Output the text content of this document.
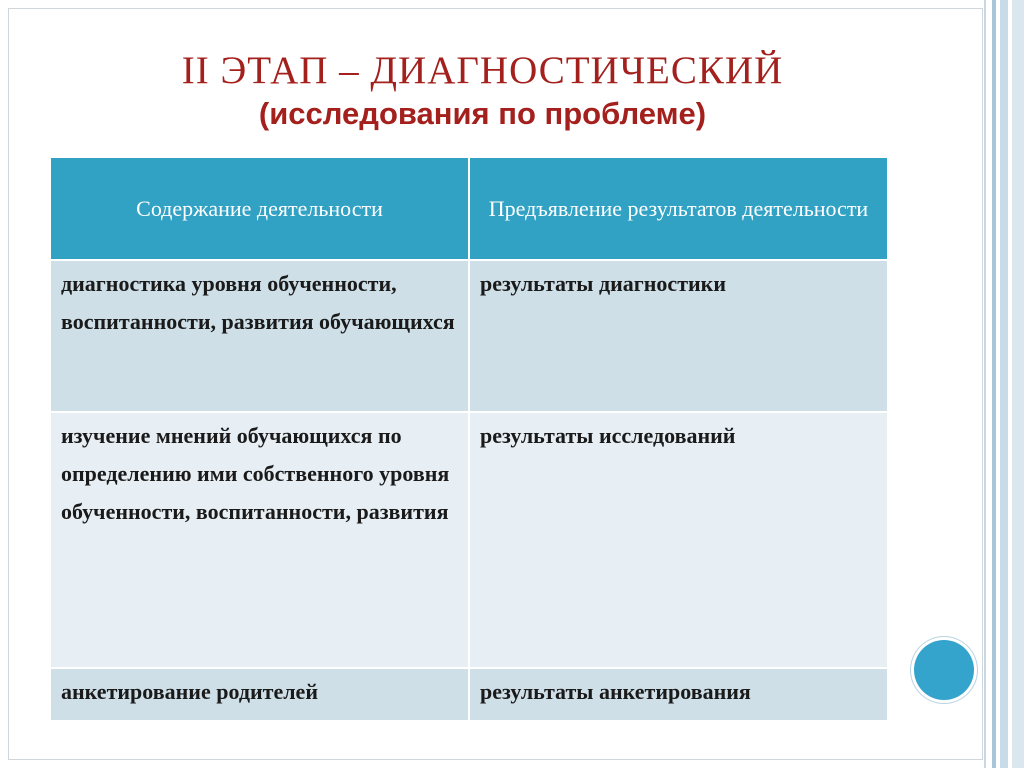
II ЭТАП – ДИАГНОСТИЧЕСКИЙ
(исследования по проблеме)
Содержание деятельности	Предъявление результатов деятельности
диагностика уровня обученности, воспитанности, развития обучающихся	результаты диагностики
изучение мнений обучающихся по определению ими собственного уровня обученности, воспитанности, развития	результаты исследований
анкетирование родителей	результаты анкетирования
